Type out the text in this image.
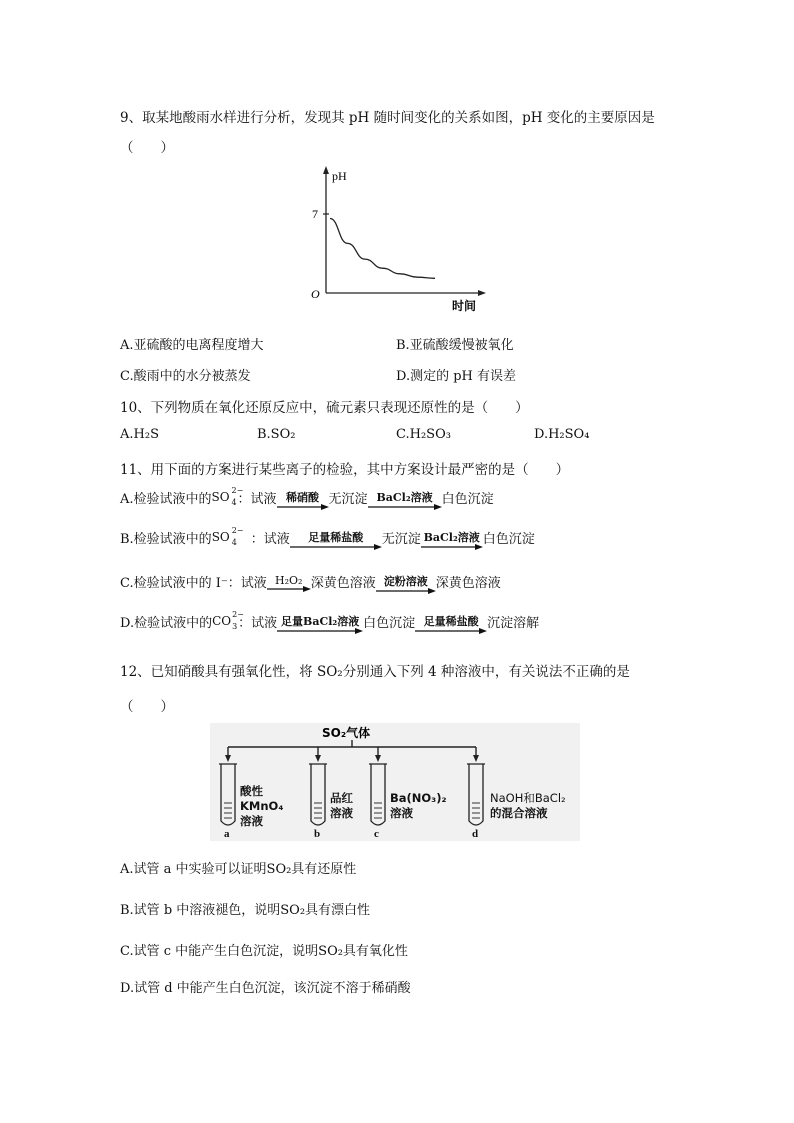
9、取某地酸雨水样进行分析，发现其 pH 随时间变化的关系如图，pH 变化的主要原因是
（　　）
pH
7
O
时间
A.亚硫酸的电离程度增大	B.亚硫酸缓慢被氧化
C.酸雨中的水分被蒸发	D.测定的 pH 有误差
10、下列物质在氧化还原反应中，硫元素只表现还原性的是（　　）
A.H₂S	B.SO₂	C.H₂SO₃	D.H₂SO₄
11、用下面的方案进行某些离子的检验，其中方案设计最严密的是（　　）
A.检验试液中的 SO 2−
4 ：试液 稀硝酸 无沉淀 BaCl₂溶液 白色沉淀
B.检验试液中的 SO 2−
4 　：试液	足量稀盐酸	无沉淀 BaCl₂溶液 白色沉淀
C.检验试液中的 I⁻：试液 H₂O₂ 深黄色溶液 淀粉溶液 深黄色溶液
D.检验试液中的 CO 2−
3 ：试液 足量BaCl₂溶液 白色沉淀 足量稀盐酸 沉淀溶解
12、已知硝酸具有强氧化性，将 SO₂分别通入下列 4 种溶液中，有关说法不正确的是
（　　）
SO₂气体
酸性
KMnO₄
溶液
品红
溶液
Ba(NO₃)₂
溶液
NaOH和BaCl₂
的混合溶液
a	b	c	d
A.试管 a 中实验可以证明SO₂具有还原性
B.试管 b 中溶液褪色，说明SO₂具有漂白性
C.试管 c 中能产生白色沉淀，说明SO₂具有氧化性
D.试管 d 中能产生白色沉淀，该沉淀不溶于稀硝酸
